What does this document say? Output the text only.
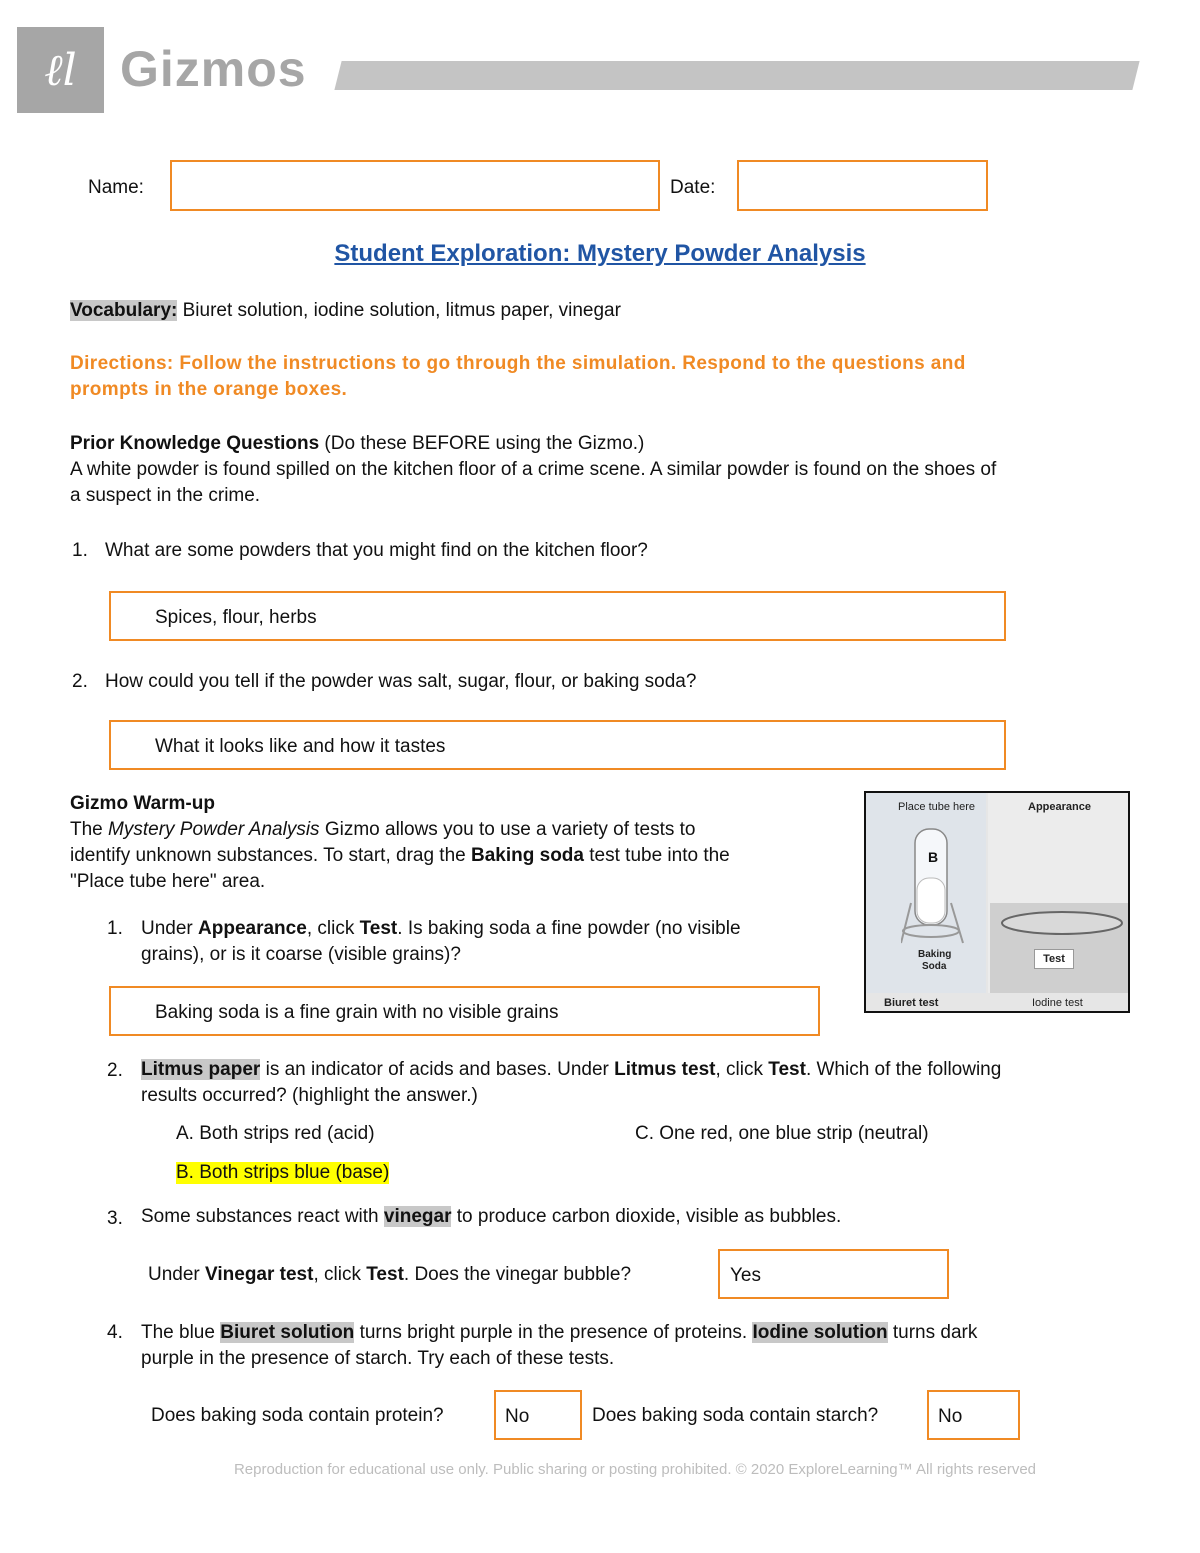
ℓl Gizmos
Name:	Date:
Student Exploration: Mystery Powder Analysis
Vocabulary: Biuret solution, iodine solution, litmus paper, vinegar
Directions: Follow the instructions to go through the simulation. Respond to the questions and
prompts in the orange boxes.
Prior Knowledge Questions (Do these BEFORE using the Gizmo.)
A white powder is found spilled on the kitchen floor of a crime scene. A similar powder is found on the shoes of
a suspect in the crime.
1. What are some powders that you might find on the kitchen floor?
Spices, flour, herbs
2. How could you tell if the powder was salt, sugar, flour, or baking soda?
What it looks like and how it tastes
Gizmo Warm-up
The Mystery Powder Analysis Gizmo allows you to use a variety of tests to
identify unknown substances. To start, drag the Baking soda test tube into the
"Place tube here" area.
Place tube here	Appearance
B
Baking
Soda
Test
Biuret test	Iodine test
1. Under Appearance, click Test. Is baking soda a fine powder (no visible
grains), or is it coarse (visible grains)?
Baking soda is a fine grain with no visible grains
2. Litmus paper is an indicator of acids and bases. Under Litmus test, click Test. Which of the following
results occurred? (highlight the answer.)
A. Both strips red (acid)	C. One red, one blue strip (neutral)
B. Both strips blue (base)
3. Some substances react with vinegar to produce carbon dioxide, visible as bubbles.
Under Vinegar test, click Test. Does the vinegar bubble?	Yes
4. The blue Biuret solution turns bright purple in the presence of proteins. Iodine solution turns dark
purple in the presence of starch. Try each of these tests.
Does baking soda contain protein?	No	Does baking soda contain starch?	No
Reproduction for educational use only. Public sharing or posting prohibited. © 2020 ExploreLearning™ All rights reserved
